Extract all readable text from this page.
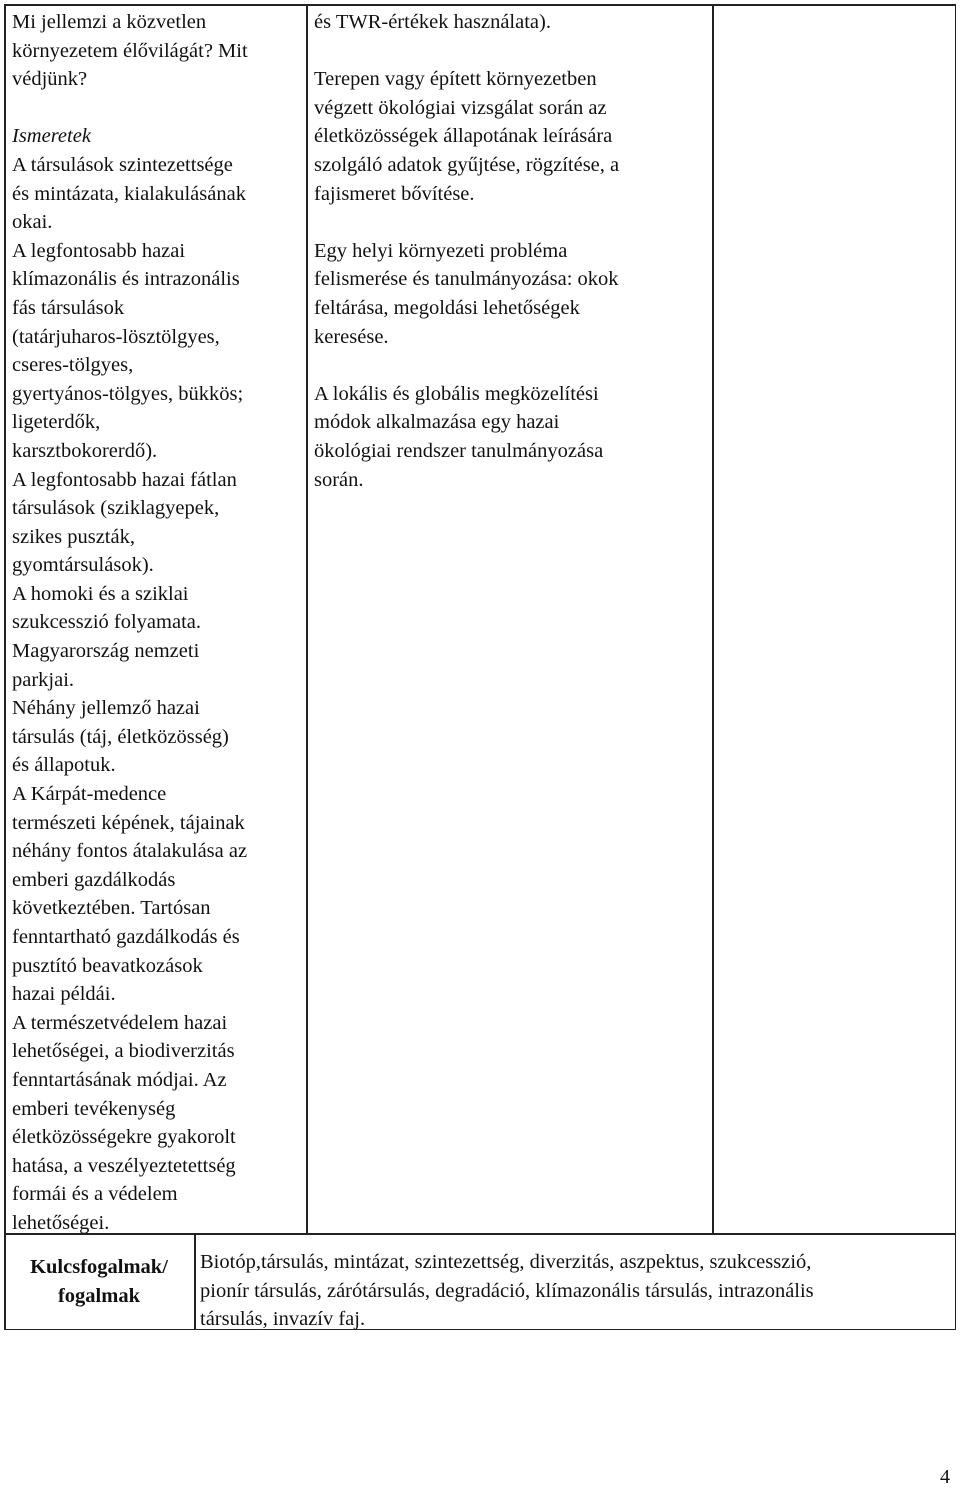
Mi jellemzi a közvetlen
környezetem élővilágát? Mit
védjünk?
Ismeretek
A társulások szintezettsége
és mintázata, kialakulásának
okai.
A legfontosabb hazai
klímazonális és intrazonális
fás társulások
(tatárjuharos-lösztölgyes,
cseres-tölgyes,
gyertyános-tölgyes, bükkös;
ligeterdők,
karsztbokorerdő).
A legfontosabb hazai fátlan
társulások (sziklagyepek,
szikes puszták,
gyomtársulások).
A homoki és a sziklai
szukcesszió folyamata.
Magyarország nemzeti
parkjai.
Néhány jellemző hazai
társulás (táj, életközösség)
és állapotuk.
A Kárpát-medence
természeti képének, tájainak
néhány fontos átalakulása az
emberi gazdálkodás
következtében. Tartósan
fenntartható gazdálkodás és
pusztító beavatkozások
hazai példái.
A természetvédelem hazai
lehetőségei, a biodiverzitás
fenntartásának módjai. Az
emberi tevékenység
életközösségekre gyakorolt
hatása, a veszélyeztetettség
formái és a védelem
lehetőségei.
és TWR-értékek használata).
Terepen vagy épített környezetben
végzett ökológiai vizsgálat során az
életközösségek állapotának leírására
szolgáló adatok gyűjtése, rögzítése, a
fajismeret bővítése.
Egy helyi környezeti probléma
felismerése és tanulmányozása: okok
feltárása, megoldási lehetőségek
keresése.
A lokális és globális megközelítési
módok alkalmazása egy hazai
ökológiai rendszer tanulmányozása
során.
Kulcsfogalmak/
fogalmak
Biotóp,társulás, mintázat, szintezettség, diverzitás, aszpektus, szukcesszió,
pionír társulás, zárótársulás, degradáció, klímazonális társulás, intrazonális
társulás, invazív faj.
4
